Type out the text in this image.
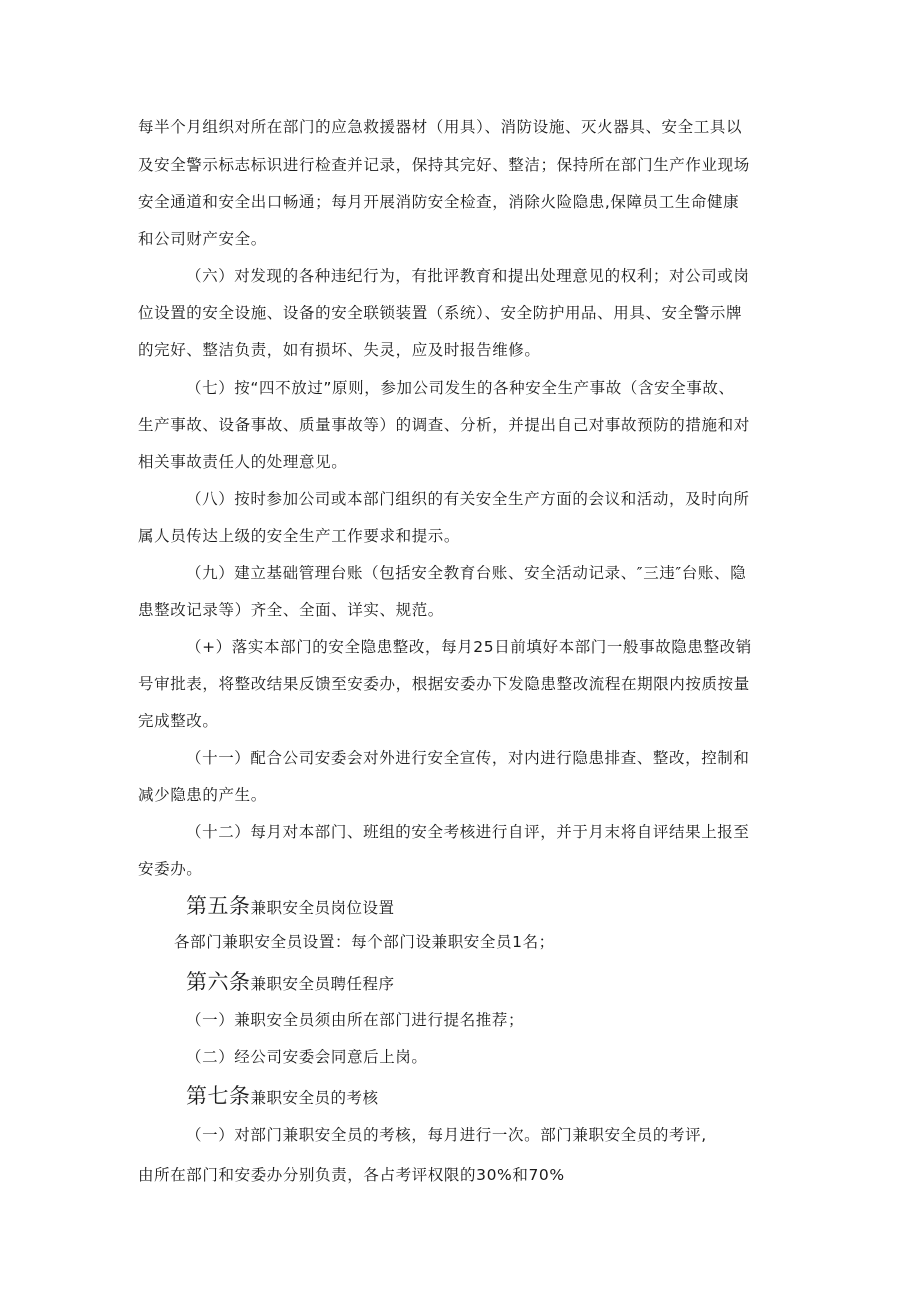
每半个月组织对所在部门的应急救援器材（用具）、消防设施、灭火器具、安全工具以
及安全警示标志标识进行检查并记录，保持其完好、整洁；保持所在部门生产作业现场
安全通道和安全出口畅通；每月开展消防安全检查，消除火险隐患,保障员工生命健康
和公司财产安全。
（六）对发现的各种违纪行为，有批评教育和提出处理意见的权利；对公司或岗
位设置的安全设施、设备的安全联锁装置（系统）、安全防护用品、用具、安全警示牌
的完好、整洁负责，如有损坏、失灵，应及时报告维修。
（七）按“四不放过”原则，参加公司发生的各种安全生产事故（含安全事故、
生产事故、设备事故、质量事故等）的调查、分析，并提出自己对事故预防的措施和对
相关事故责任人的处理意见。
（八）按时参加公司或本部门组织的有关安全生产方面的会议和活动，及时向所
属人员传达上级的安全生产工作要求和提示。
（九）建立基础管理台账（包括安全教育台账、安全活动记录、″三违″台账、隐
患整改记录等）齐全、全面、详实、规范。
（+）落实本部门的安全隐患整改，每月25日前填好本部门一般事故隐患整改销
号审批表，将整改结果反馈至安委办，根据安委办下发隐患整改流程在期限内按质按量
完成整改。
（十一）配合公司安委会对外进行安全宣传，对内进行隐患排查、整改，控制和
减少隐患的产生。
（十二）每月对本部门、班组的安全考核进行自评，并于月末将自评结果上报至
安委办。
第五条兼职安全员岗位设置
各部门兼职安全员设置：每个部门设兼职安全员1名；
第六条兼职安全员聘任程序
（一）兼职安全员须由所在部门进行提名推荐；
（二）经公司安委会同意后上岗。
第七条兼职安全员的考核
（一）对部门兼职安全员的考核，每月进行一次。部门兼职安全员的考评,
由所在部门和安委办分别负责，各占考评权限的30%和70%
